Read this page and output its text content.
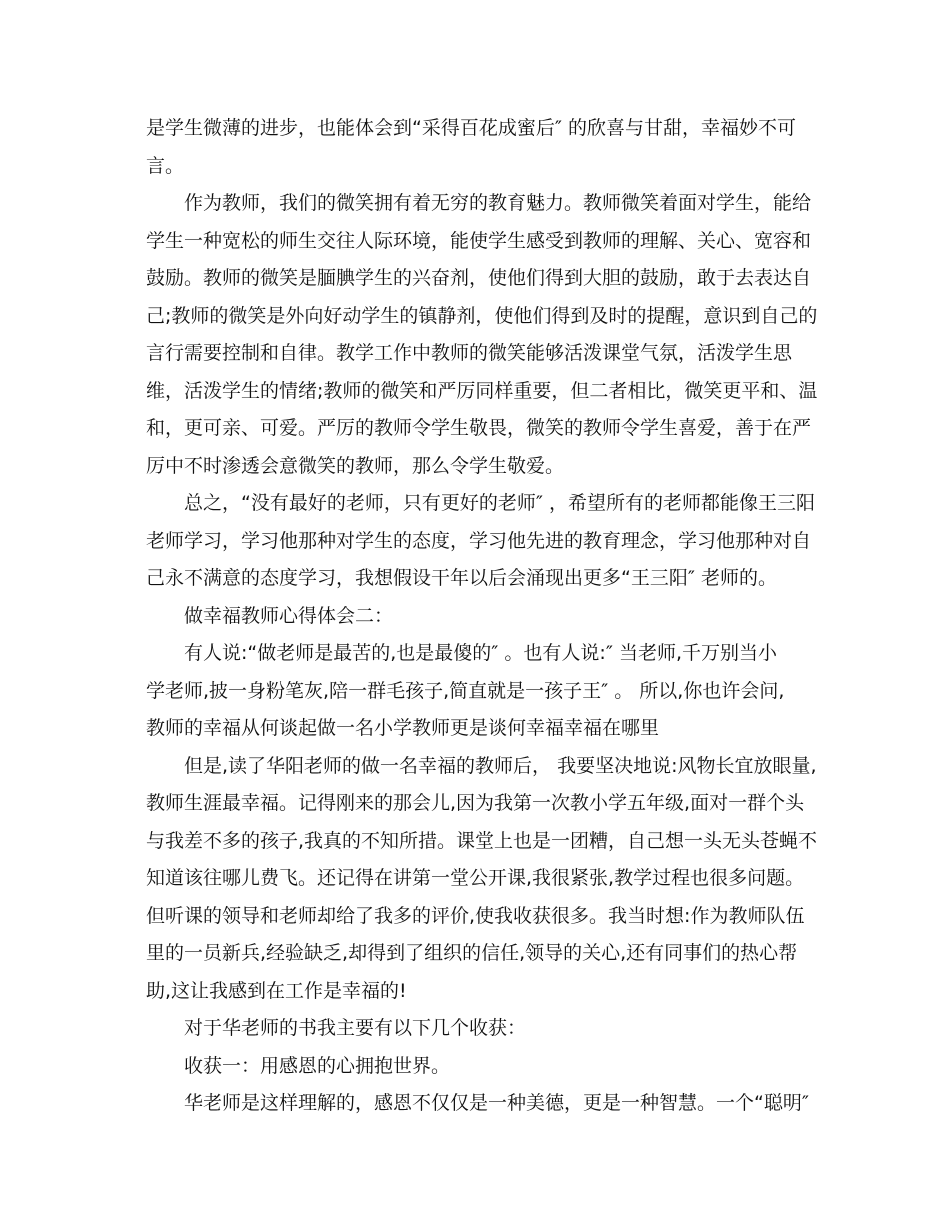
是学生微薄的进步，也能体会到“采得百花成蜜后″ 的欣喜与甘甜，幸福妙不可
言。
作为教师，我们的微笑拥有着无穷的教育魅力。教师微笑着面对学生，能给
学生一种宽松的师生交往人际环境，能使学生感受到教师的理解、关心、宽容和
鼓励。教师的微笑是腼腆学生的兴奋剂，使他们得到大胆的鼓励，敢于去表达自
己;教师的微笑是外向好动学生的镇静剂，使他们得到及时的提醒，意识到自己的
言行需要控制和自律。教学工作中教师的微笑能够活泼课堂气氛，活泼学生思
维，活泼学生的情绪;教师的微笑和严厉同样重要，但二者相比，微笑更平和、温
和，更可亲、可爱。严厉的教师令学生敬畏，微笑的教师令学生喜爱，善于在严
厉中不时渗透会意微笑的教师，那么令学生敬爱。
总之，“没有最好的老师，只有更好的老师″ ，希望所有的老师都能像王三阳
老师学习，学习他那种对学生的态度，学习他先进的教育理念，学习他那种对自
己永不满意的态度学习，我想假设干年以后会涌现出更多“王三阳″ 老师的。
做幸福教师心得体会二：
有人说:“做老师是最苦的,也是最傻的″ 。也有人说:″ 当老师,千万别当小
学老师,披一身粉笔灰,陪一群毛孩子,简直就是一孩子王″ 。 所以,你也许会问,
教师的幸福从何谈起做一名小学教师更是谈何幸福幸福在哪里
但是,读了华阳老师的做一名幸福的教师后， 我要坚决地说:风物长宜放眼量,
教师生涯最幸福。记得刚来的那会儿,因为我第一次教小学五年级,面对一群个头
与我差不多的孩子,我真的不知所措。课堂上也是一团糟，自己想一头无头苍蝇不
知道该往哪儿费飞。还记得在讲第一堂公开课,我很紧张,教学过程也很多问题。
但听课的领导和老师却给了我多的评价,使我收获很多。我当时想:作为教师队伍
里的一员新兵,经验缺乏,却得到了组织的信任,领导的关心,还有同事们的热心帮
助,这让我感到在工作是幸福的!
对于华老师的书我主要有以下几个收获：
收获一：用感恩的心拥抱世界。
华老师是这样理解的，感恩不仅仅是一种美德，更是一种智慧。一个“聪明″
